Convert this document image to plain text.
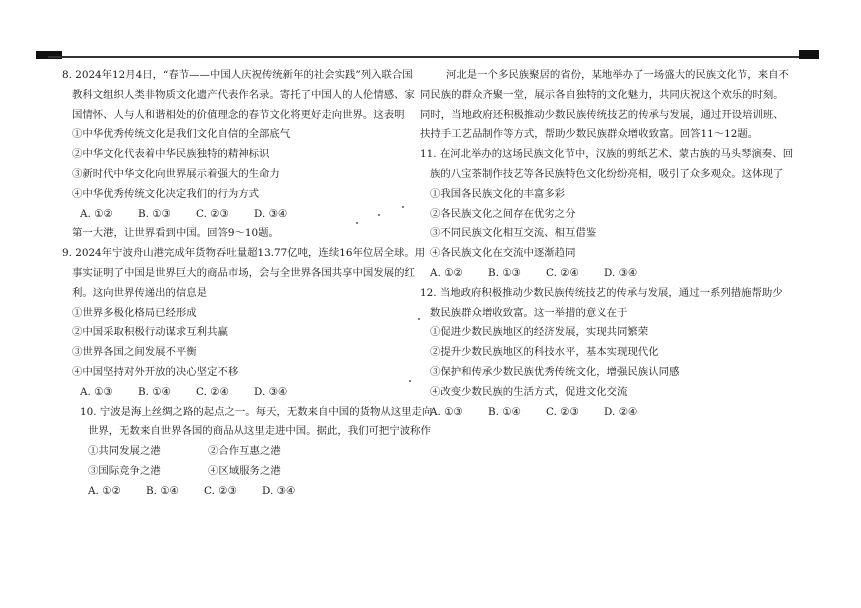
8. 2024年12月4日，“春节——中国人庆祝传统新年的社会实践”列入联合国
教科文组织人类非物质文化遗产代表作名录。寄托了中国人的人伦情感、家
国情怀、人与人和谐相处的价值理念的春节文化将更好走向世界。这表明
①中华优秀传统文化是我们文化自信的全部底气
②中华文化代表着中华民族独特的精神标识
③新时代中华文化向世界展示着强大的生命力
④中华优秀传统文化决定我们的行为方式
A. ①② B. ①③ C. ②③ D. ③④
第一大港，让世界看到中国。回答9～10题。
9. 2024年宁波舟山港完成年货物吞吐量超13.77亿吨，连续16年位居全球。用
事实证明了中国是世界巨大的商品市场，会与全世界各国共享中国发展的红
利。这向世界传递出的信息是
①世界多极化格局已经形成
②中国采取积极行动谋求互利共赢
③世界各国之间发展不平衡
④中国坚持对外开放的决心坚定不移
A. ①③ B. ①④ C. ②④ D. ③④
10. 宁波是海上丝绸之路的起点之一。每天，无数来自中国的货物从这里走向
世界，无数来自世界各国的商品从这里走进中国。据此，我们可把宁波称作
①共同发展之港	②合作互惠之港
③国际竞争之港	④区域服务之港
A. ①② B. ①④ C. ②③ D. ③④
河北是一个多民族聚居的省份，某地举办了一场盛大的民族文化节，来自不
同民族的群众齐聚一堂，展示各自独特的文化魅力，共同庆祝这个欢乐的时刻。
同时，当地政府还积极推动少数民族传统技艺的传承与发展，通过开设培训班、
扶持手工艺品制作等方式，帮助少数民族群众增收致富。回答11～12题。
11. 在河北举办的这场民族文化节中，汉族的剪纸艺术、蒙古族的马头琴演奏、回
族的八宝茶制作技艺等各民族特色文化纷纷亮相，吸引了众多观众。这体现了
①我国各民族文化的丰富多彩
②各民族文化之间存在优劣之分
③不同民族文化相互交流、相互借鉴
④各民族文化在交流中逐渐趋同
A. ①② B. ①③ C. ②④ D. ③④
12. 当地政府积极推动少数民族传统技艺的传承与发展，通过一系列措施帮助少
数民族群众增收致富。这一举措的意义在于
①促进少数民族地区的经济发展，实现共同繁荣
②提升少数民族地区的科技水平，基本实现现代化
③保护和传承少数民族优秀传统文化，增强民族认同感
④改变少数民族的生活方式，促进文化交流
A. ①③ B. ①④ C. ②③ D. ②④
